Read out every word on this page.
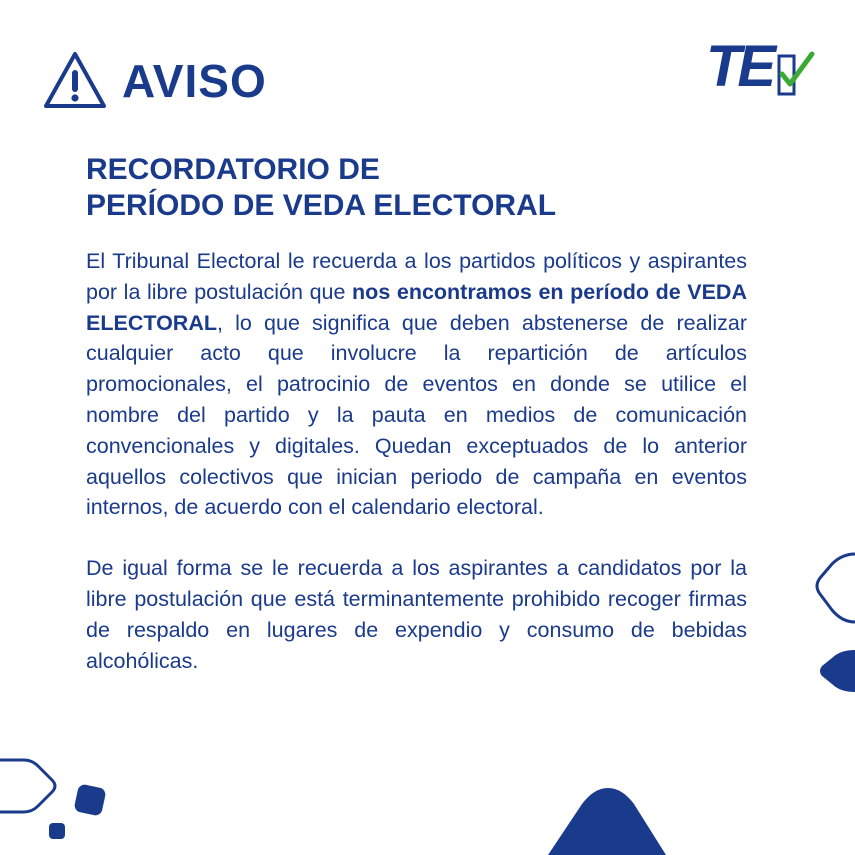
AVISO	TE
RECORDATORIO DE
PERÍODO DE VEDA ELECTORAL

El Tribunal Electoral le recuerda a los partidos políticos y aspirantes por la libre postulación que nos encontramos en período de VEDA ELECTORAL, lo que significa que deben abstenerse de realizar cualquier acto que involucre la repartición de artículos promocionales, el patrocinio de eventos en donde se utilice el nombre del partido y la pauta en medios de comunicación convencionales y digitales. Quedan exceptuados de lo anterior aquellos colectivos que inician periodo de campaña en eventos internos, de acuerdo con el calendario electoral.

De igual forma se le recuerda a los aspirantes a candidatos por la libre postulación que está terminantemente prohibido recoger firmas de respaldo en lugares de expendio y consumo de bebidas alcohólicas.
